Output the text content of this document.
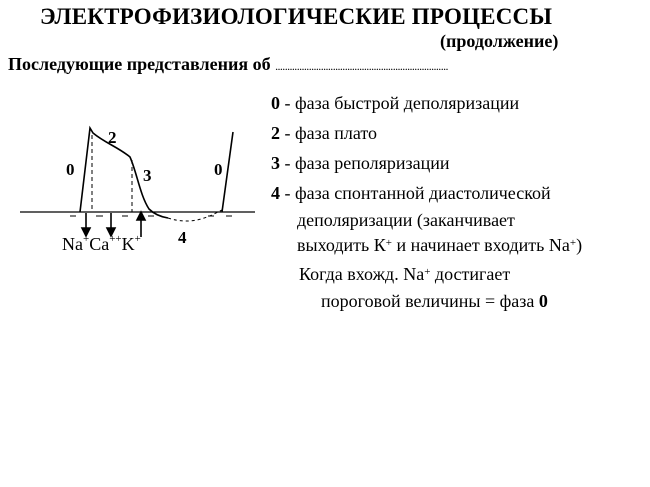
ЭЛЕКТРОФИЗИОЛОГИЧЕСКИЕ ПРОЦЕССЫ
(продолжение)
Последующие представления об ........................................................................
0
2
3	0
4
Na+Ca++K+
0 - фаза быстрой деполяризации
2 - фаза плато
3 - фаза реполяризации
4 - фаза спонтанной диастолической
деполяризации (заканчивает
выходить К+ и начинает входить Na+)
Когда вхожд. Na+ достигает
пороговой величины = фаза 0
